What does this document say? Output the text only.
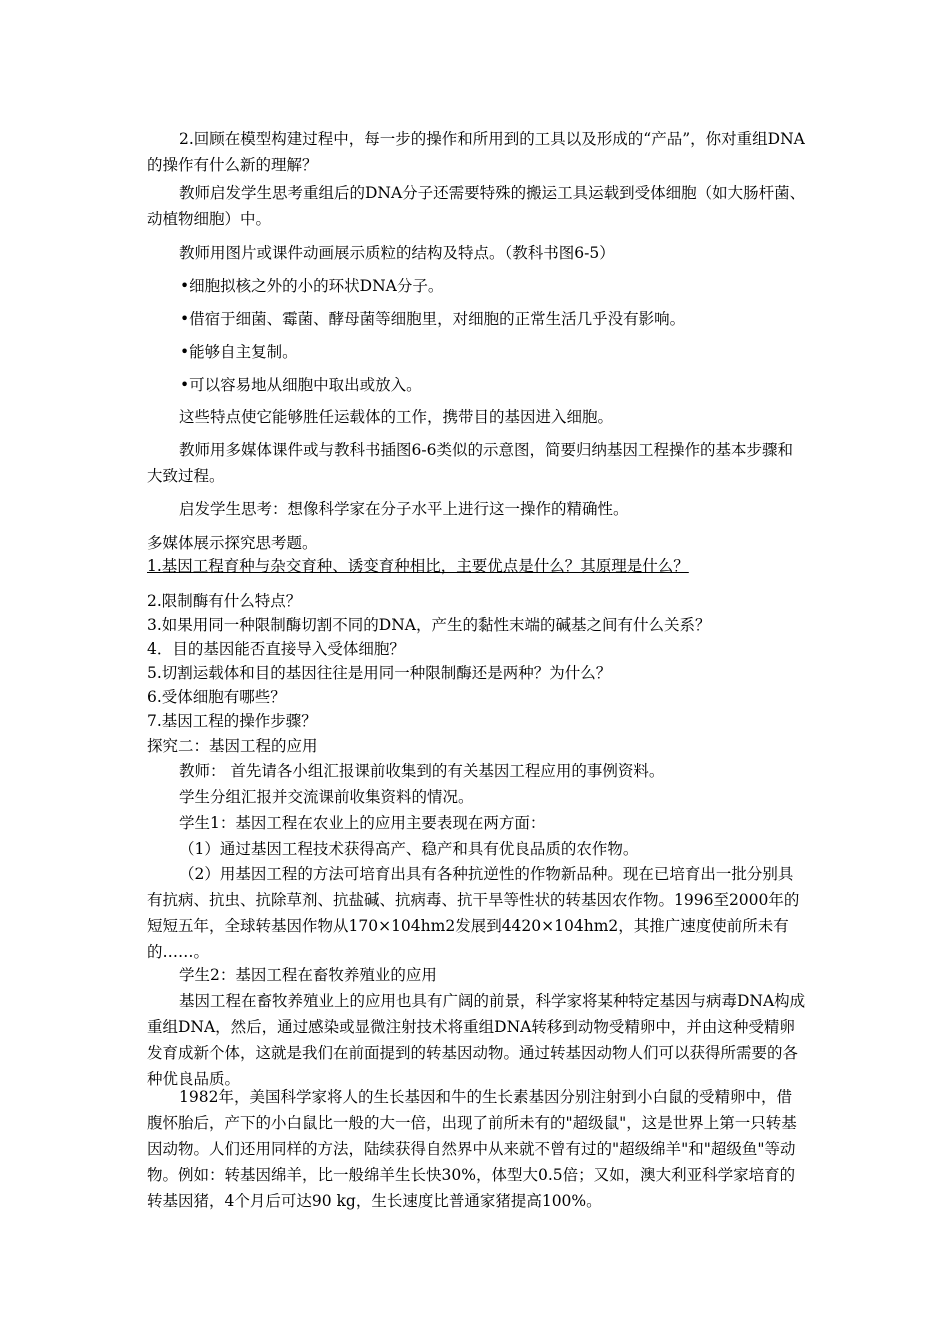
2.回顾在模型构建过程中，每一步的操作和所用到的工具以及形成的“产品”，你对重组DNA的操作有什么新的理解？

教师启发学生思考重组后的DNA分子还需要特殊的搬运工具运载到受体细胞（如大肠杆菌、动植物细胞）中。

教师用图片或课件动画展示质粒的结构及特点。（教科书图6-5）

•细胞拟核之外的小的环状DNA分子。

•借宿于细菌、霉菌、酵母菌等细胞里，对细胞的正常生活几乎没有影响。

•能够自主复制。

•可以容易地从细胞中取出或放入。

这些特点使它能够胜任运载体的工作，携带目的基因进入细胞。

教师用多媒体课件或与教科书插图6-6类似的示意图，简要归纳基因工程操作的基本步骤和大致过程。

启发学生思考：想像科学家在分子水平上进行这一操作的精确性。

多媒体展示探究思考题。

1.基因工程育种与杂交育种、诱变育种相比，主要优点是什么？其原理是什么？

2.限制酶有什么特点？

3.如果用同一种限制酶切割不同的DNA，产生的黏性末端的碱基之间有什么关系？

4．目的基因能否直接导入受体细胞？

5.切割运载体和目的基因往往是用同一种限制酶还是两种？为什么？

6.受体细胞有哪些？

7.基因工程的操作步骤？

探究二：基因工程的应用

教师： 首先请各小组汇报课前收集到的有关基因工程应用的事例资料。

学生分组汇报并交流课前收集资料的情况。

学生1：基因工程在农业上的应用主要表现在两方面：

（1）通过基因工程技术获得高产、稳产和具有优良品质的农作物。

（2）用基因工程的方法可培育出具有各种抗逆性的作物新品种。现在已培育出一批分别具有抗病、抗虫、抗除草剂、抗盐碱、抗病毒、抗干旱等性状的转基因农作物。1996至2000年的短短五年，全球转基因作物从170×104hm2发展到4420×104hm2，其推广速度使前所未有的……。

学生2：基因工程在畜牧养殖业的应用

基因工程在畜牧养殖业上的应用也具有广阔的前景，科学家将某种特定基因与病毒DNA构成重组DNA，然后，通过感染或显微注射技术将重组DNA转移到动物受精卵中，并由这种受精卵发育成新个体，这就是我们在前面提到的转基因动物。通过转基因动物人们可以获得所需要的各种优良品质。

1982年，美国科学家将人的生长基因和牛的生长素基因分别注射到小白鼠的受精卵中，借腹怀胎后，产下的小白鼠比一般的大一倍，出现了前所未有的"超级鼠"，这是世界上第一只转基因动物。人们还用同样的方法，陆续获得自然界中从来就不曾有过的"超级绵羊"和"超级鱼"等动物。例如：转基因绵羊，比一般绵羊生长快30%，体型大0.5倍；又如，澳大利亚科学家培育的转基因猪，4个月后可达90 kg，生长速度比普通家猪提高100%。
